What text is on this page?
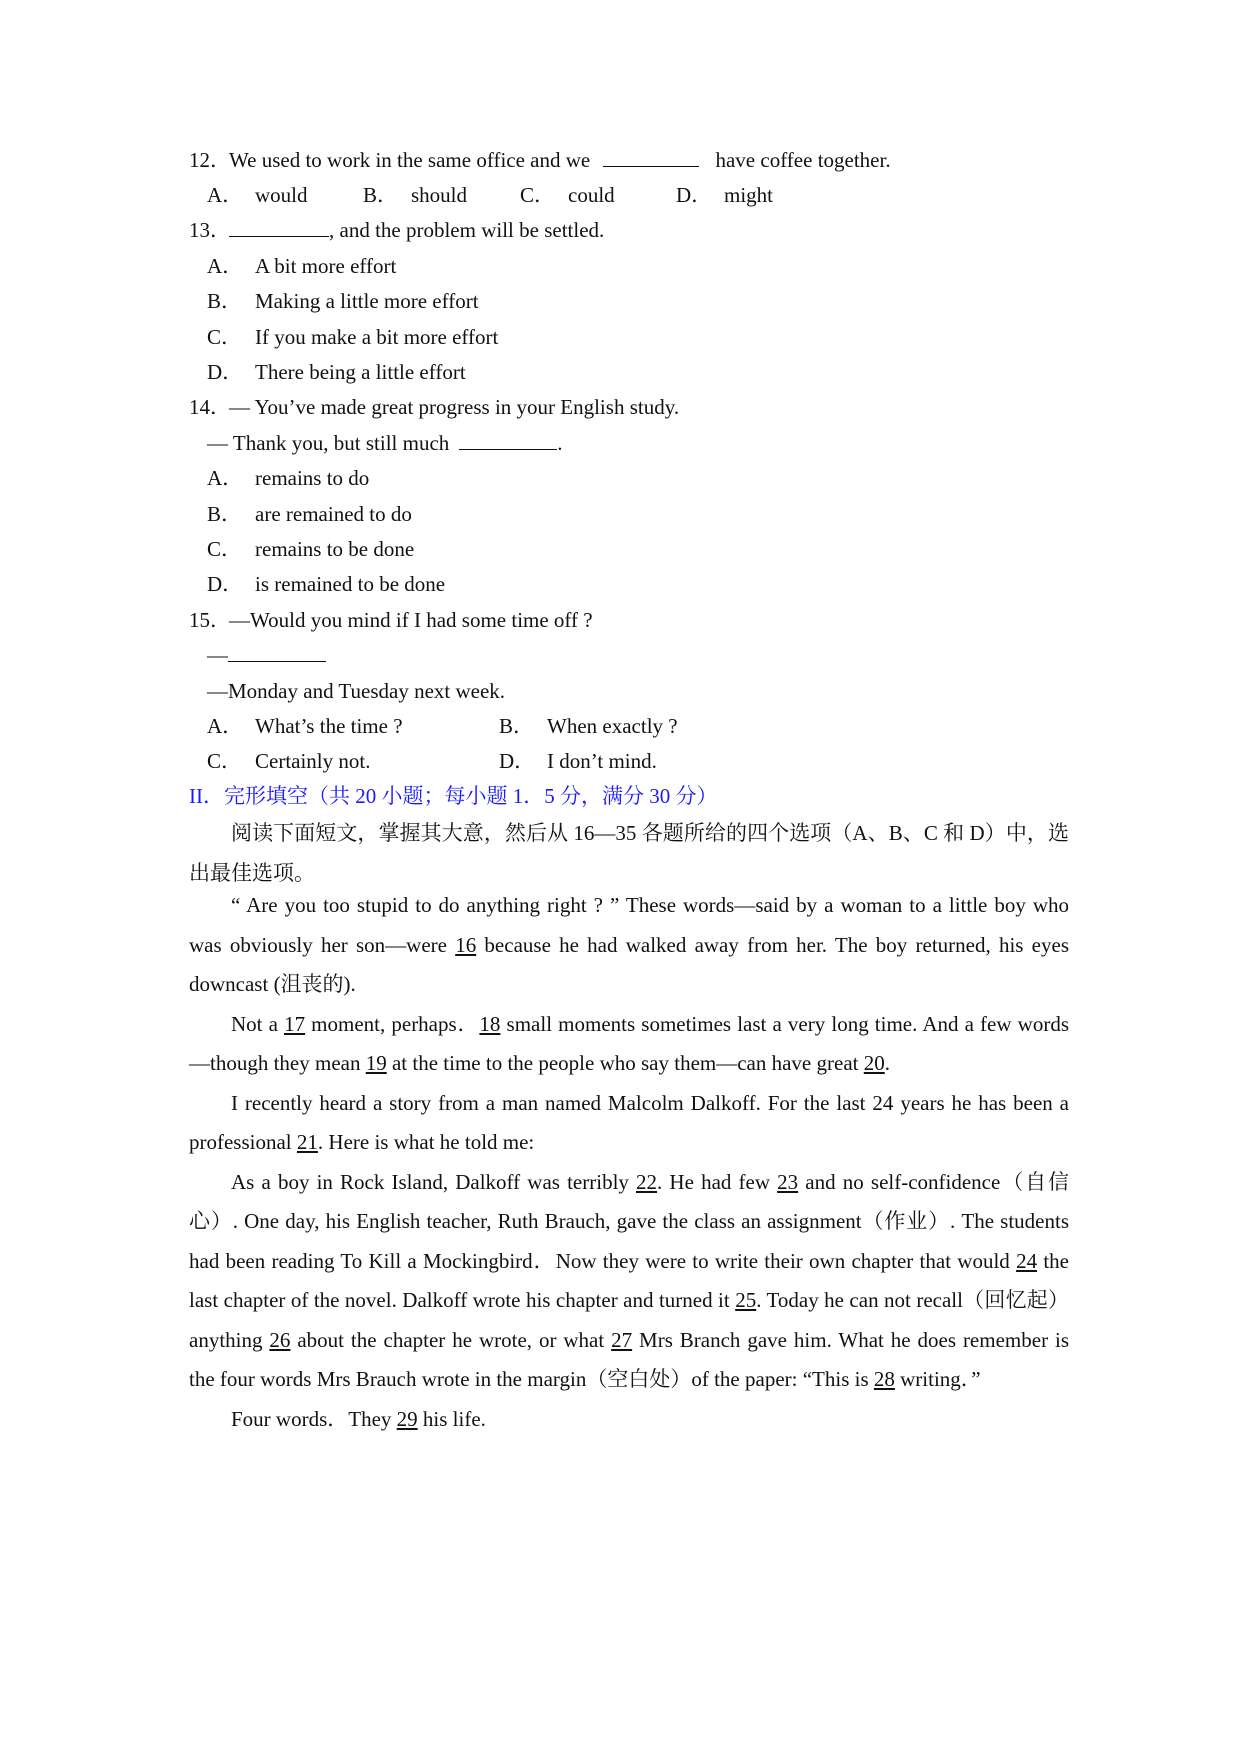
12．We used to work in the same office and we	have coffee together.
A． would	B． should	C． could	D． might
13．	, and the problem will be settled.
A． A bit more effort
B． Making a little more effort
C． If you make a bit more effort
D． There being a little effort
14．— You’ve made great progress in your English study.
— Thank you, but still much	.
A． remains to do
B． are remained to do
C． remains to be done
D． is remained to be done
15．—Would you mind if I had some time off ?
—
—Monday and Tuesday next week.
A． What’s the time ?	B． When exactly ?
C． Certainly not.	D． I don’t mind.
II．完形填空（共 20 小题；每小题 1．5 分，满分 30 分）

阅读下面短文，掌握其大意，然后从 16—35 各题所给的四个选项（A、B、C 和 D）中，选出最佳选项。

“ Are you too stupid to do anything right ? ” These words—said by a woman to a little boy who was obviously her son—were 16 because he had walked away from her. The boy returned, his eyes downcast (沮丧的).

Not a 17 moment, perhaps．18 small moments sometimes last a very long time. And a few words—though they mean 19 at the time to the people who say them—can have great 20.

I recently heard a story from a man named Malcolm Dalkoff. For the last 24 years he has been a professional 21. Here is what he told me:

As a boy in Rock Island, Dalkoff was terribly 22. He had few 23 and no self-confidence（自信心）. One day, his English teacher, Ruth Brauch, gave the class an assignment（作业）. The students had been reading To Kill a Mockingbird．Now they were to write their own chapter that would 24 the last chapter of the novel. Dalkoff wrote his chapter and turned it 25. Today he can not recall（回忆起）anything 26 about the chapter he wrote, or what 27 Mrs Branch gave him. What he does remember is the four words Mrs Brauch wrote in the margin（空白处）of the paper: “This is 28 writing．”

Four words．They 29 his life.
